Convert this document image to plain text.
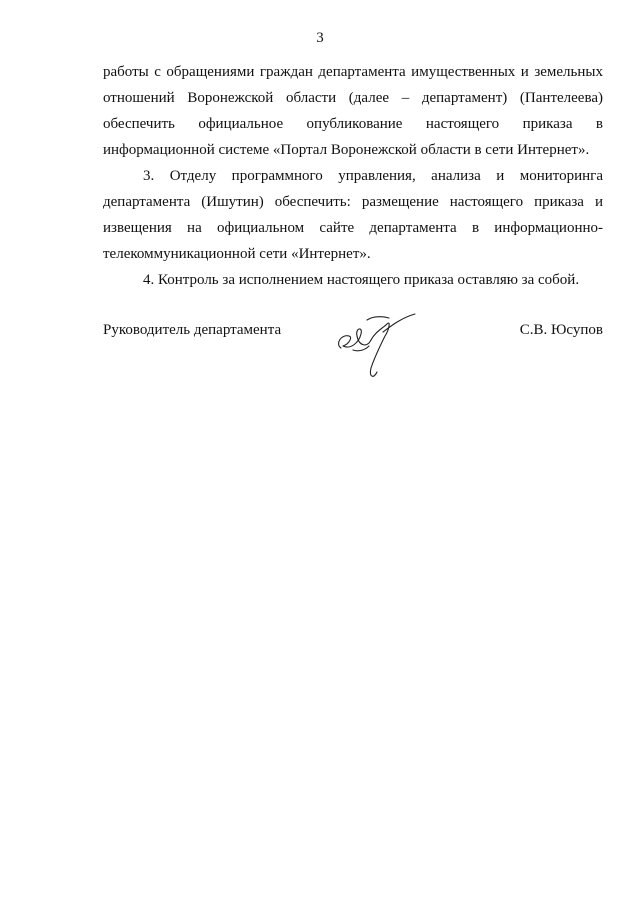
3

работы с обращениями граждан департамента имущественных и земельных отношений Воронежской области (далее – департамент) (Пантелеева) обеспечить официальное опубликование настоящего приказа в информационной системе «Портал Воронежской области в сети Интернет».

3. Отделу программного управления, анализа и мониторинга департамента (Ишутин) обеспечить: размещение настоящего приказа и извещения на официальном сайте департамента в информационно-телекоммуникационной сети «Интернет».

4. Контроль за исполнением настоящего приказа оставляю за собой.

Руководитель департамента	С.В. Юсупов
